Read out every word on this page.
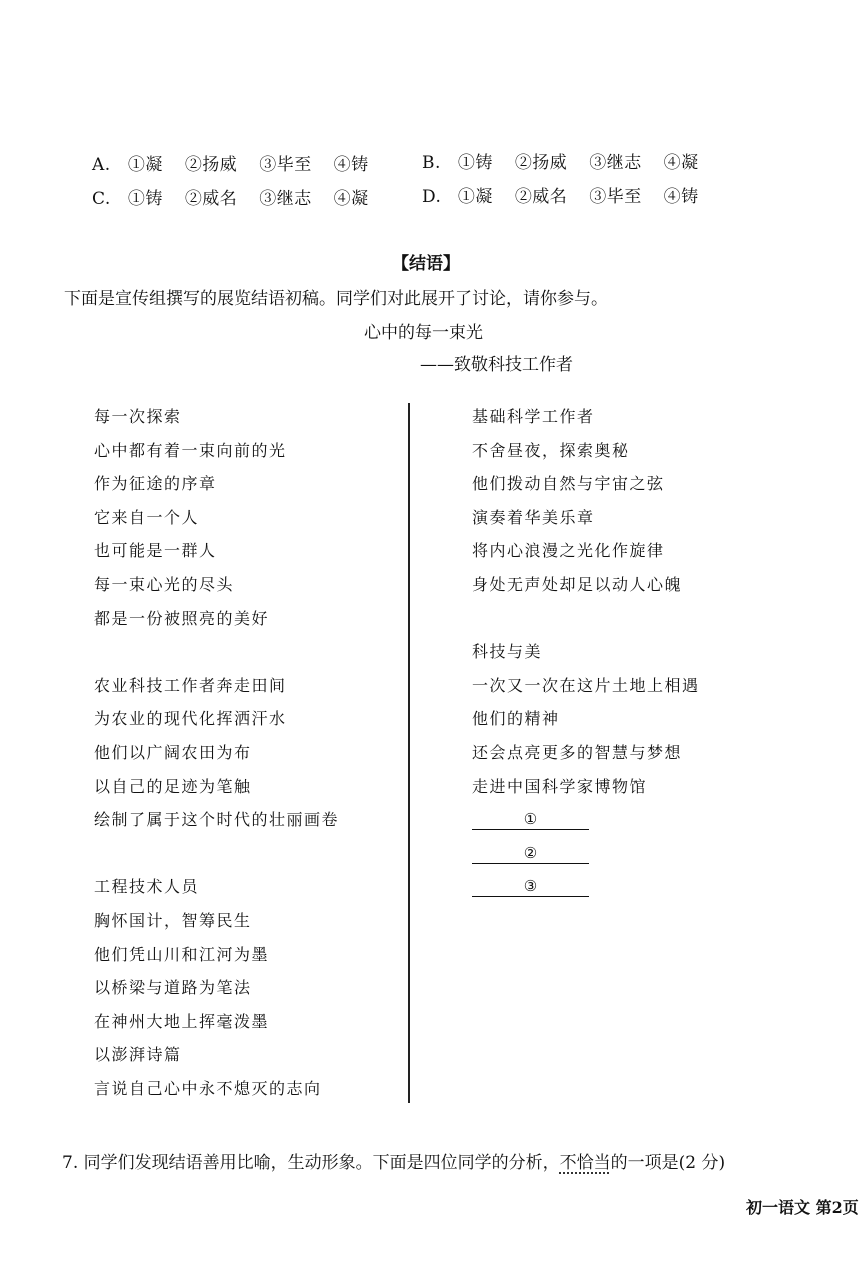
A. ①凝 ②扬威 ③毕至 ④铸	B. ①铸 ②扬威 ③继志 ④凝
C. ①铸 ②威名 ③继志 ④凝	D. ①凝 ②威名 ③毕至 ④铸
【结语】
下面是宣传组撰写的展览结语初稿。同学们对此展开了讨论，请你参与。
心中的每一束光
——致敬科技工作者
每一次探索
心中都有着一束向前的光
作为征途的序章
它来自一个人
也可能是一群人
每一束心光的尽头
都是一份被照亮的美好
农业科技工作者奔走田间
为农业的现代化挥洒汗水
他们以广阔农田为布
以自己的足迹为笔触
绘制了属于这个时代的壮丽画卷
工程技术人员
胸怀国计，智筹民生
他们凭山川和江河为墨
以桥梁与道路为笔法
在神州大地上挥毫泼墨
以澎湃诗篇
言说自己心中永不熄灭的志向
基础科学工作者
不舍昼夜，探索奥秘
他们拨动自然与宇宙之弦
演奏着华美乐章
将内心浪漫之光化作旋律
身处无声处却足以动人心魄
科技与美
一次又一次在这片土地上相遇
他们的精神
还会点亮更多的智慧与梦想
走进中国科学家博物馆
①
②
③
7. 同学们发现结语善用比喻，生动形象。下面是四位同学的分析，不恰当的一项是(2 分)
初一语文 第2页
